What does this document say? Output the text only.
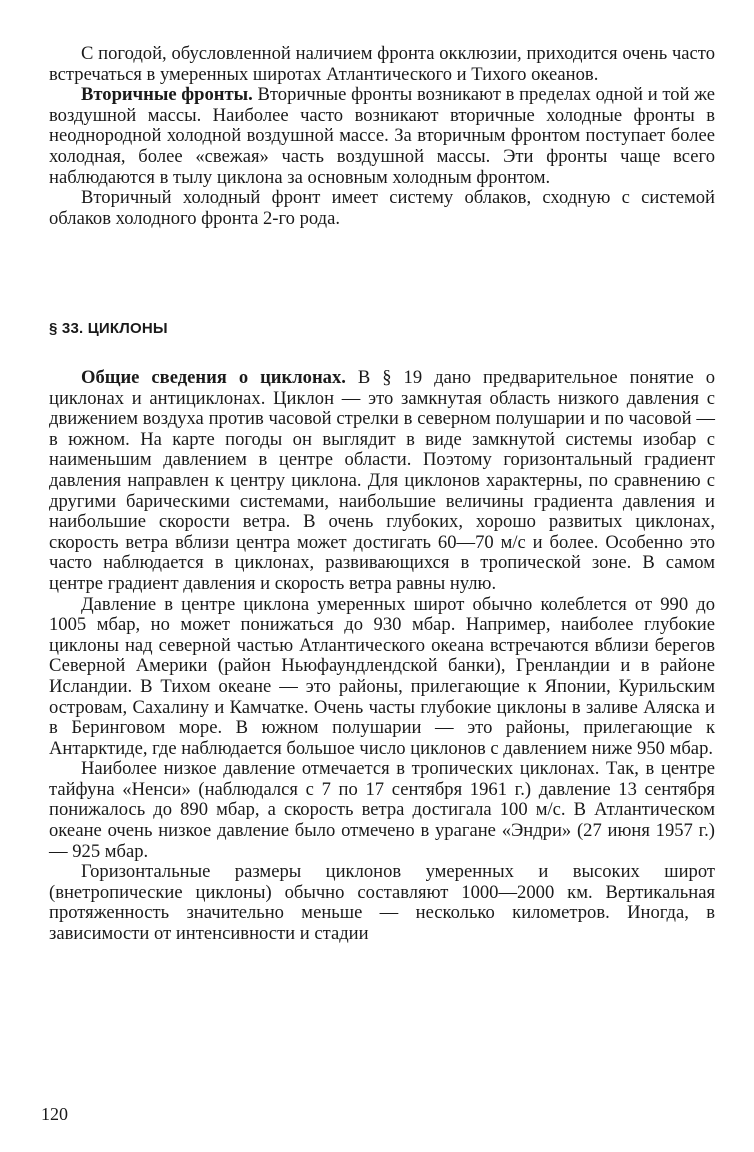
С погодой, обусловленной наличием фронта окклюзии, приходится очень часто встречаться в умеренных широтах Атлантического и Тихого океанов.

Вторичные фронты. Вторичные фронты возникают в пределах одной и той же воздушной массы. Наиболее часто возникают вторичные холодные фронты в неоднородной холодной воздушной массе. За вторичным фронтом поступает более холодная, более «свежая» часть воздушной массы. Эти фронты чаще всего наблюдаются в тылу циклона за основным холодным фронтом.

Вторичный холодный фронт имеет систему облаков, сходную с системой облаков холодного фронта 2-го рода.

§ 33. ЦИКЛОНЫ

Общие сведения о циклонах. В § 19 дано предварительное понятие о циклонах и антициклонах. Циклон — это замкнутая область низкого давления с движением воздуха против часовой стрелки в северном полушарии и по часовой — в южном. На карте погоды он выглядит в виде замкнутой системы изобар с наименьшим давлением в центре области. Поэтому горизонтальный градиент давления направлен к центру циклона. Для циклонов характерны, по сравнению с другими барическими системами, наибольшие величины градиента давления и наибольшие скорости ветра. В очень глубоких, хорошо развитых циклонах, скорость ветра вблизи центра может достигать 60—70 м/с и более. Особенно это часто наблюдается в циклонах, развивающихся в тропической зоне. В самом центре градиент давления и скорость ветра равны нулю.

Давление в центре циклона умеренных широт обычно колеблется от 990 до 1005 мбар, но может понижаться до 930 мбар. Например, наиболее глубокие циклоны над северной частью Атлантического океана встречаются вблизи берегов Северной Америки (район Ньюфаундлендской банки), Гренландии и в районе Исландии. В Тихом океане — это районы, прилегающие к Японии, Курильским островам, Сахалину и Камчатке. Очень часты глубокие циклоны в заливе Аляска и в Беринговом море. В южном полушарии — это районы, прилегающие к Антарктиде, где наблюдается большое число циклонов с давлением ниже 950 мбар.

Наиболее низкое давление отмечается в тропических циклонах. Так, в центре тайфуна «Ненси» (наблюдался с 7 по 17 сентября 1961 г.) давление 13 сентября понижалось до 890 мбар, а скорость ветра достигала 100 м/с. В Атлантическом океане очень низкое давление было отмечено в урагане «Эндри» (27 июня 1957 г.) — 925 мбар.

Горизонтальные размеры циклонов умеренных и высоких широт (внетропические циклоны) обычно составляют 1000—2000 км. Вертикальная протяженность значительно меньше — несколько километров. Иногда, в зависимости от интенсивности и стадии

120
